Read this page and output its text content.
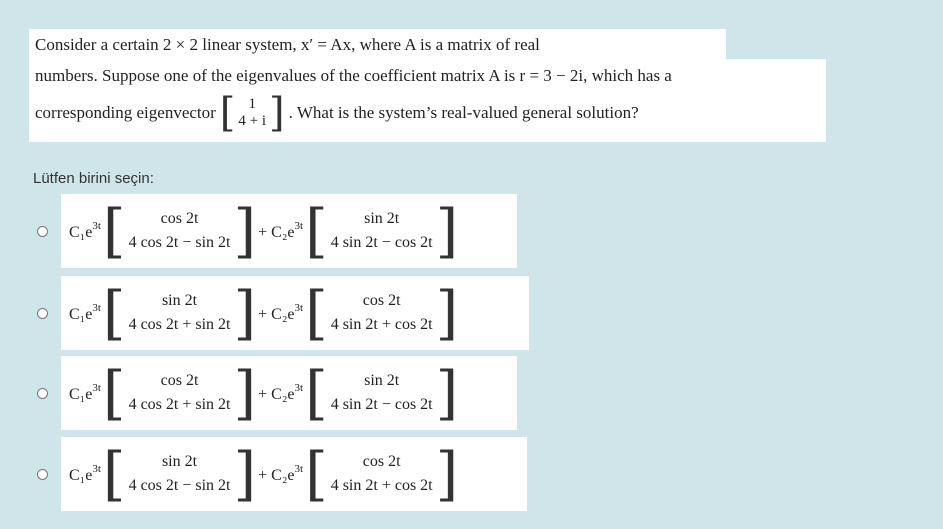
Consider a certain 2 × 2 linear system, x′ = Ax, where A is a matrix of real
numbers. Suppose one of the eigenvalues of the coefficient matrix A is r = 3 − 2i, which has a
corresponding eigenvector [ 1
4 + i ] . What is the system’s real-valued general solution?
Lütfen birini seçin:
$C_1e^{3t}$ [ cos 2t
4 cos 2t − sin 2t ] + $C_2e^{3t}$ [ sin 2t
4 sin 2t − cos 2t ]
$C_1e^{3t}$ [ sin 2t
4 cos 2t + sin 2t ] + $C_2e^{3t}$ [ cos 2t
4 sin 2t + cos 2t ]
$C_1e^{3t}$ [ cos 2t
4 cos 2t + sin 2t ] + $C_2e^{3t}$ [ sin 2t
4 sin 2t − cos 2t ]
$C_1e^{3t}$ [ sin 2t
4 cos 2t − sin 2t ] + $C_2e^{3t}$ [ cos 2t
4 sin 2t + cos 2t ]
